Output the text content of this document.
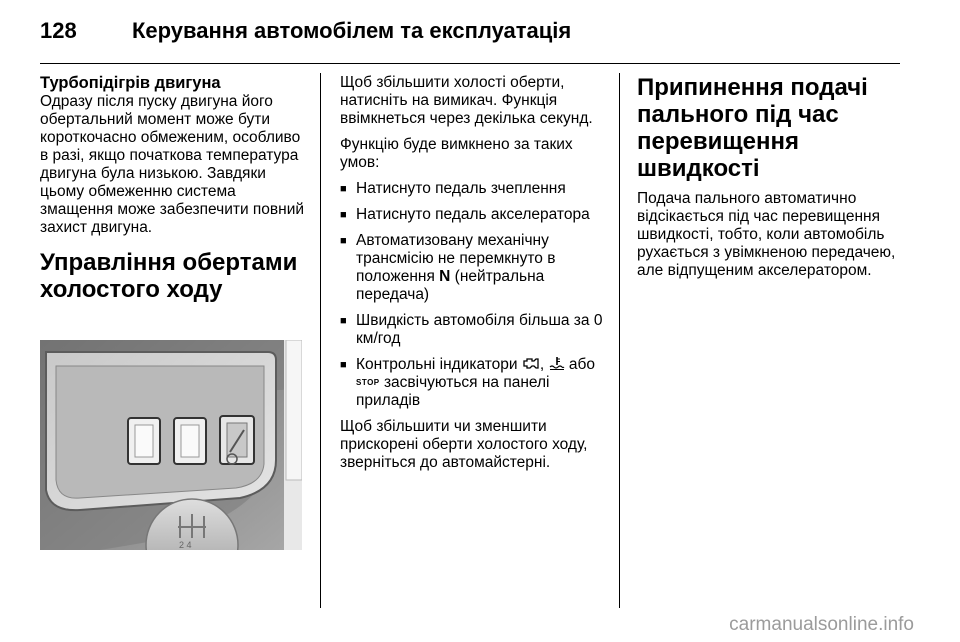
128	Керування автомобілем та експлуатація
Турбопідігрів двигуна

Одразу після пуску двигуна його обертальний момент може бути короткочасно обмеженим, особливо в разі, якщо початкова температура двигуна була низькою. Завдяки цьому обмеженню система змащення може забезпечити повний захист двигуна.

Управління обертами холостого ходу
2 4

Щоб збільшити холості оберти, натисніть на вимикач. Функція ввімкнеться через декілька секунд.

Функцію буде вимкнено за таких умов:

■ Натиснуто педаль зчеплення
■ Натиснуто педаль акселератора
■ Автоматизовану механічну трансмісію не перемкнуто в положення N (нейтральна передача)
■ Швидкість автомобіля більша за 0 км/год
■ Контрольні індикатори ,  або STOP засвічуються на панелі приладів

Щоб збільшити чи зменшити прискорені оберти холостого ходу, зверніться до автомайстерні.

Припинення подачі пального під час перевищення швидкості

Подача пального автоматично відсікається під час перевищення швидкості, тобто, коли автомобіль рухається з увімкненою передачею, але відпущеним акселератором.

carmanualsonline.info
